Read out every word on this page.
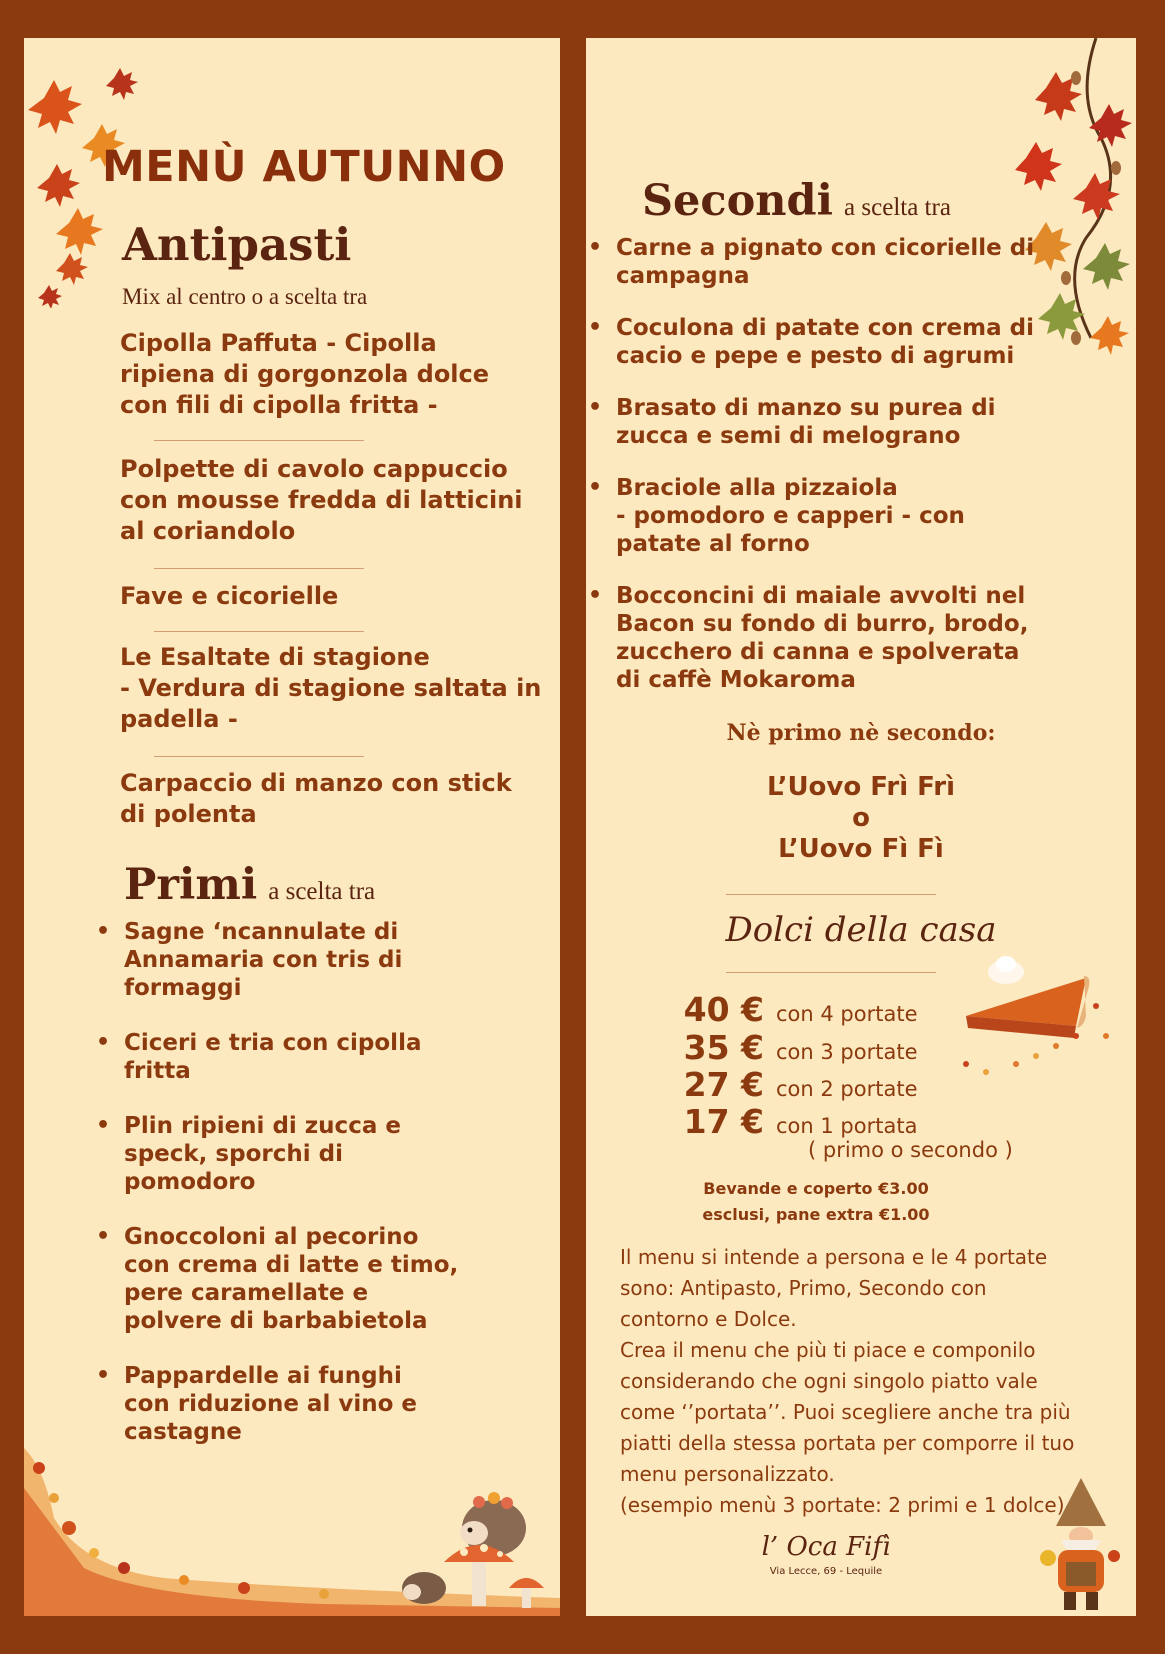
MENÙ AUTUNNO
Antipasti
Mix al centro o a scelta tra
Cipolla Paffuta - Cipolla
ripiena di gorgonzola dolce
con fili di cipolla fritta -
Polpette di cavolo cappuccio
con mousse fredda di latticini
al coriandolo
Fave e cicorielle
Le Esaltate di stagione
- Verdura di stagione saltata in
padella -
Carpaccio di manzo con stick
di polenta
Primi a scelta tra
• Sagne ‘ncannulate di
Annamaria con tris di
formaggi
• Ciceri e tria con cipolla
fritta
• Plin ripieni di zucca e
speck, sporchi di
pomodoro
• Gnoccoloni al pecorino
con crema di latte e timo,
pere caramellate e
polvere di barbabietola
• Pappardelle ai funghi
con riduzione al vino e
castagne
Secondi a scelta tra
• Carne a pignato con cicorielle di
campagna
• Coculona di patate con crema di
cacio e pepe e pesto di agrumi
• Brasato di manzo su purea di
zucca e semi di melograno
• Braciole alla pizzaiola
- pomodoro e capperi - con
patate al forno
• Bocconcini di maiale avvolti nel
Bacon su fondo di burro, brodo,
zucchero di canna e spolverata
di caffè Mokaroma
Nè primo nè secondo:
L’Uovo Frì Frì
o
L’Uovo Fì Fì
Dolci della casa
40 € con 4 portate
35 € con 3 portate
27 € con 2 portate
17 € con 1 portata
( primo o secondo )
Bevande e coperto €3.00
esclusi, pane extra €1.00
Il menu si intende a persona e le 4 portate
sono: Antipasto, Primo, Secondo con
contorno e Dolce.
Crea il menu che più ti piace e componilo
considerando che ogni singolo piatto vale
come ‘’portata’’. Puoi scegliere anche tra più
piatti della stessa portata per comporre il tuo
menu personalizzato.
(esempio menù 3 portate: 2 primi e 1 dolce)
l’ Oca Fifì
Via Lecce, 69 - Lequile
